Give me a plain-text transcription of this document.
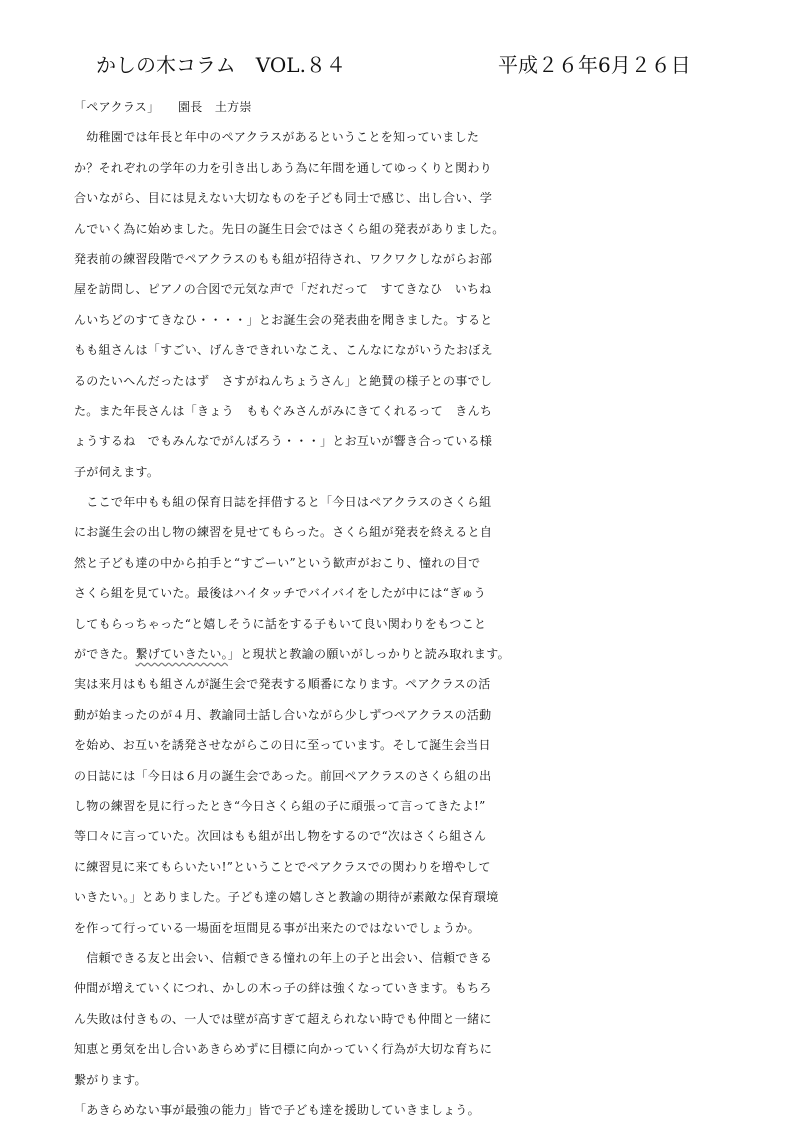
かしの木コラム　VOL.８４	平成２６年6月２６日
「ペアクラス」　　園長　土方崇
　幼稚園では年長と年中のペアクラスがあるということを知っていました
か？それぞれの学年の力を引き出しあう為に年間を通してゆっくりと関わり
合いながら、目には見えない大切なものを子ども同士で感じ、出し合い、学
んでいく為に始めました。先日の誕生日会ではさくら組の発表がありました。
発表前の練習段階でペアクラスのもも組が招待され、ワクワクしながらお部
屋を訪問し、ピアノの合図で元気な声で「だれだって　すてきなひ　いちね
んいちどのすてきなひ・・・・」とお誕生会の発表曲を聞きました。すると
もも組さんは「すごい、げんきできれいなこえ、こんなにながいうたおぼえ
るのたいへんだったはず　さすがねんちょうさん」と絶賛の様子との事でし
た。また年長さんは「きょう　ももぐみさんがみにきてくれるって　きんち
ょうするね　でもみんなでがんばろう・・・」とお互いが響き合っている様
子が伺えます。
　ここで年中もも組の保育日誌を拝借すると「今日はペアクラスのさくら組
にお誕生会の出し物の練習を見せてもらった。さくら組が発表を終えると自
然と子ども達の中から拍手と“すごーい”という歓声がおこり、憧れの目で
さくら組を見ていた。最後はハイタッチでバイバイをしたが中には“ぎゅう
してもらっちゃった“と嬉しそうに話をする子もいて良い関わりをもつこと
ができた。繋げていきたい。」と現状と教諭の願いがしっかりと読み取れます。
実は来月はもも組さんが誕生会で発表する順番になります。ペアクラスの活
動が始まったのが４月、教諭同士話し合いながら少しずつペアクラスの活動
を始め、お互いを誘発させながらこの日に至っています。そして誕生会当日
の日誌には「今日は６月の誕生会であった。前回ペアクラスのさくら組の出
し物の練習を見に行ったとき“今日さくら組の子に頑張って言ってきたよ!”
等口々に言っていた。次回はもも組が出し物をするので“次はさくら組さん
に練習見に来てもらいたい!”ということでペアクラスでの関わりを増やして
いきたい。」とありました。子ども達の嬉しさと教諭の期待が素敵な保育環境
を作って行っている一場面を垣間見る事が出来たのではないでしょうか。
　信頼できる友と出会い、信頼できる憧れの年上の子と出会い、信頼できる
仲間が増えていくにつれ、かしの木っ子の絆は強くなっていきます。もちろ
ん失敗は付きもの、一人では壁が高すぎて超えられない時でも仲間と一緒に
知恵と勇気を出し合いあきらめずに目標に向かっていく行為が大切な育ちに
繋がります。
「あきらめない事が最強の能力」皆で子ども達を援助していきましょう。
